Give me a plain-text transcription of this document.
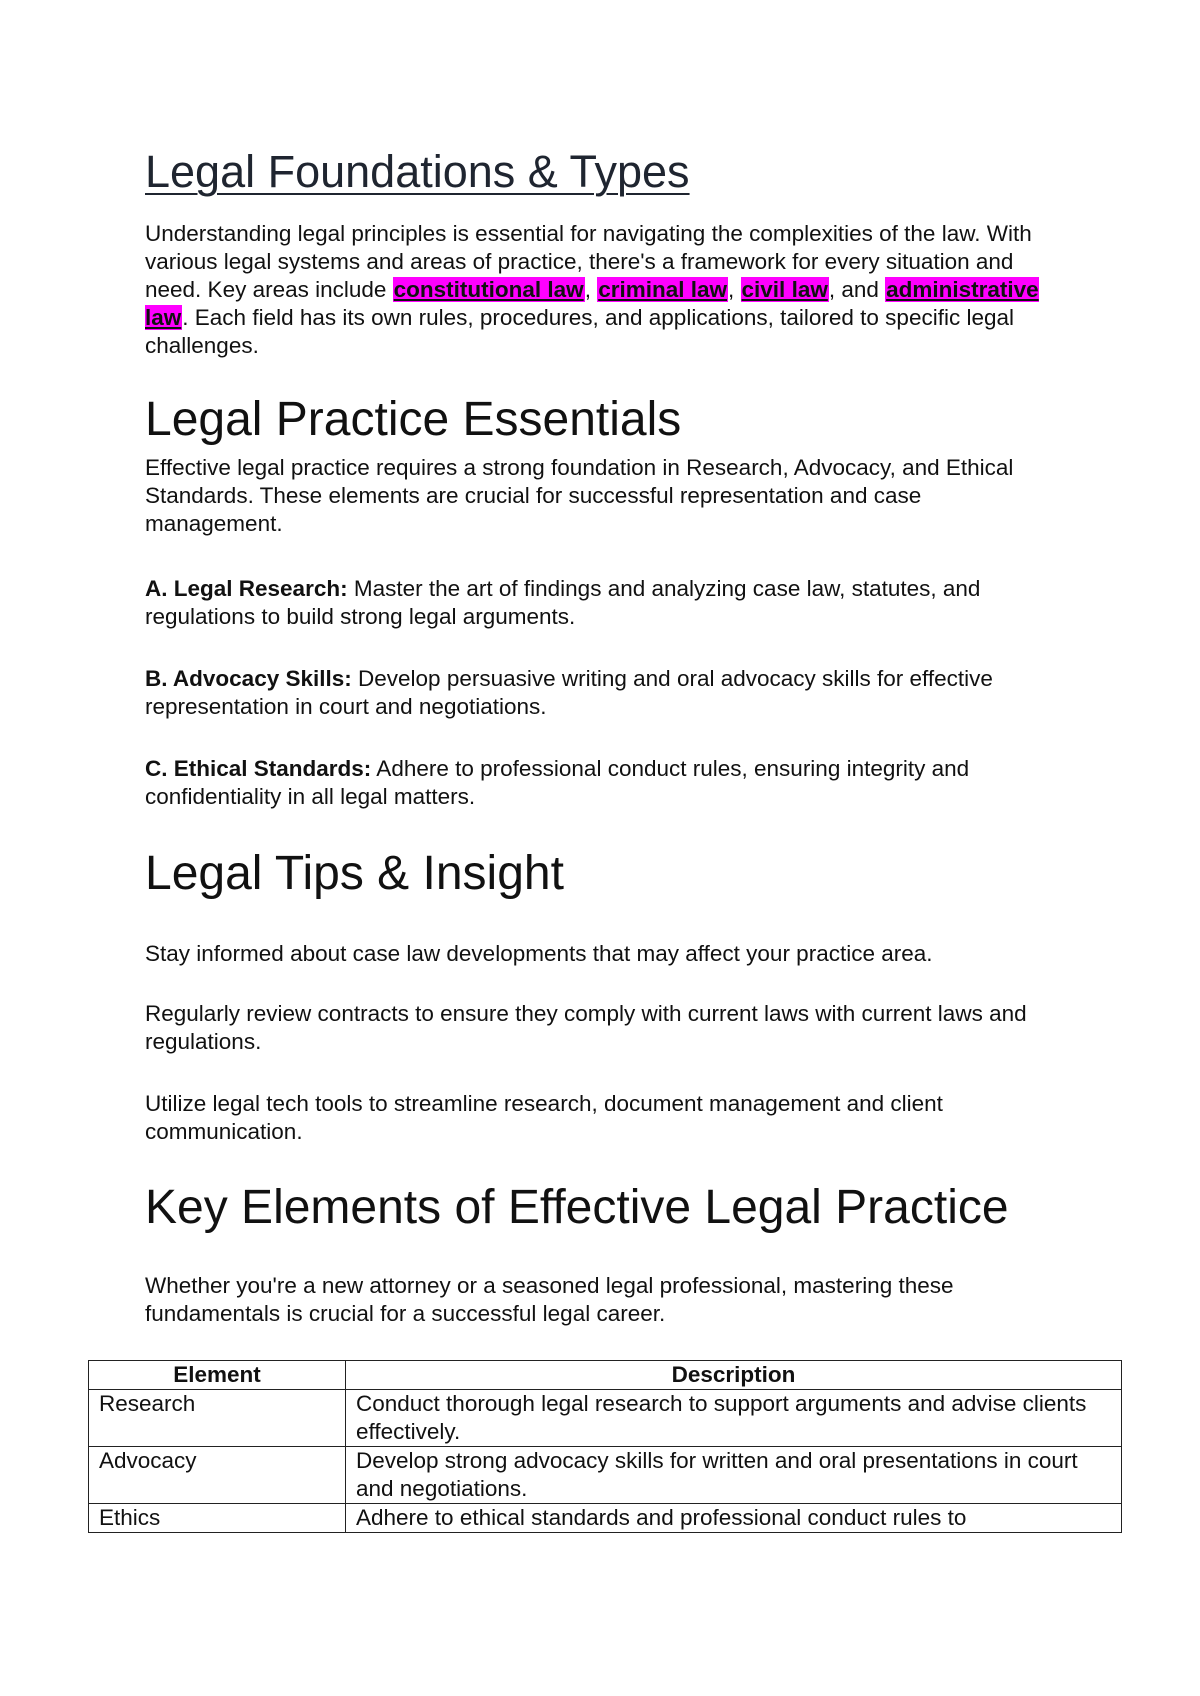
Legal Foundations & Types

Understanding legal principles is essential for navigating the complexities of the law. With various legal systems and areas of practice, there's a framework for every situation and need. Key areas include constitutional law, criminal law, civil law, and administrative law. Each field has its own rules, procedures, and applications, tailored to specific legal challenges.

Legal Practice Essentials

Effective legal practice requires a strong foundation in Research, Advocacy, and Ethical Standards. These elements are crucial for successful representation and case management.

A. Legal Research: Master the art of findings and analyzing case law, statutes, and regulations to build strong legal arguments.

B. Advocacy Skills: Develop persuasive writing and oral advocacy skills for effective representation in court and negotiations.

C. Ethical Standards: Adhere to professional conduct rules, ensuring integrity and confidentiality in all legal matters.

Legal Tips & Insight

Stay informed about case law developments that may affect your practice area.

Regularly review contracts to ensure they comply with current laws with current laws and regulations.

Utilize legal tech tools to streamline research, document management and client communication.

Key Elements of Effective Legal Practice

Whether you're a new attorney or a seasoned legal professional, mastering these fundamentals is crucial for a successful legal career.

Element	Description
Research	Conduct thorough legal research to support arguments and advise clients effectively.
Advocacy	Develop strong advocacy skills for written and oral presentations in court and negotiations.
Ethics	Adhere to ethical standards and professional conduct rules to
